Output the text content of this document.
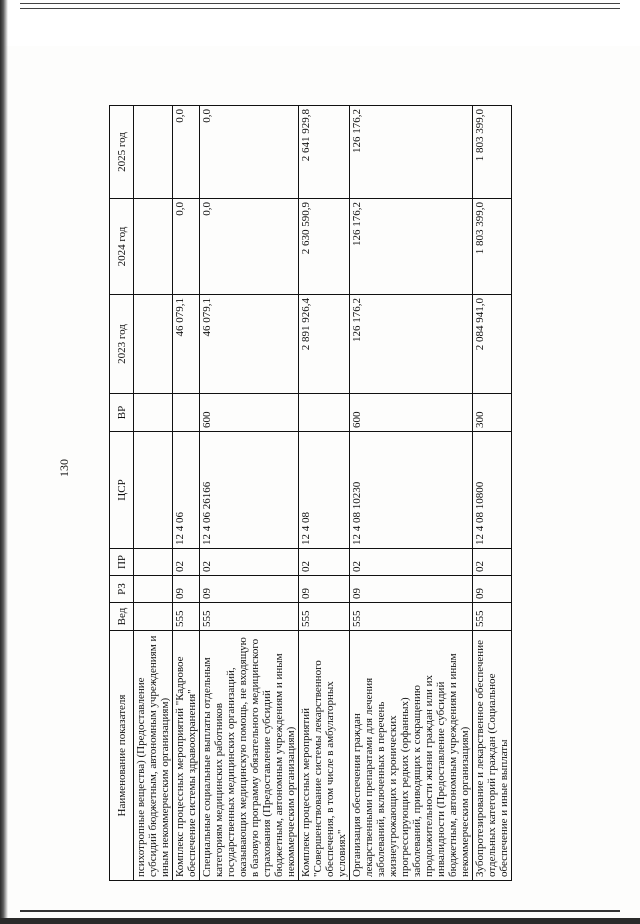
130
Наименование показателя	Вед	РЗ	ПР	ЦСР	ВР	2023 год	2024 год	2025 год
психотропные вещества) (Предоставление субсидий бюджетным, автономным учреждениям и иным некоммерческим организациям)								
Комплекс процессных мероприятий "Кадровое обеспечение системы здравоохранения"	555	09	02	12 4 06		46 079,1	0,0	0,0
Специальные социальные выплаты отдельным категориям медицинских работников государственных медицинских организаций, оказывающих медицинскую помощь, не входящую в базовую программу обязательного медицинского страхования (Предоставление субсидий бюджетным, автономным учреждениям и иным некоммерческим организациям)	555	09	02	12 4 06 26166	600	46 079,1	0,0	0,0
Комплекс процессных мероприятий "Совершенствование системы лекарственного обеспечения, в том числе в амбулаторных условиях"	555	09	02	12 4 08		2 891 926,4	2 630 590,9	2 641 929,8
Организация обеспечения граждан лекарственными препаратами для лечения заболеваний, включенных в перечень жизнеугрожающих и хронических прогрессирующих редких (орфанных) заболеваний, приводящих к сокращению продолжительности жизни граждан или их инвалидности (Предоставление субсидий бюджетным, автономным учреждениям и иным некоммерческим организациям)	555	09	02	12 4 08 10230	600	126 176,2	126 176,2	126 176,2
Зубопротезирование и лекарственное обеспечение отдельных категорий граждан (Социальное обеспечение и иные выплаты	555	09	02	12 4 08 10800	300	2 084 941,0	1 803 399,0	1 803 399,0
